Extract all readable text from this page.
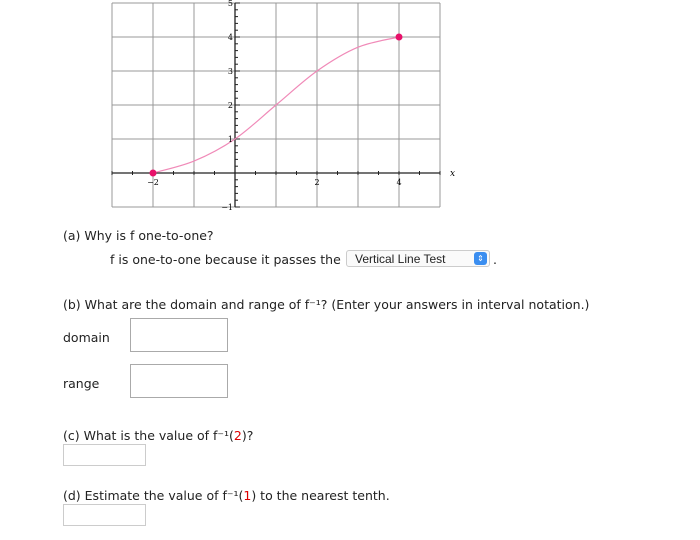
−2	2	4
−1
1
2
3
4
5
x
(a) Why is f one-to-one?
f is one-to-one because it passes the	Vertical Line Test	⇕ .
(b) What are the domain and range of f⁻¹? (Enter your answers in interval notation.)
domain
range
(c) What is the value of f⁻¹(2)?
(d) Estimate the value of f⁻¹(1) to the nearest tenth.
